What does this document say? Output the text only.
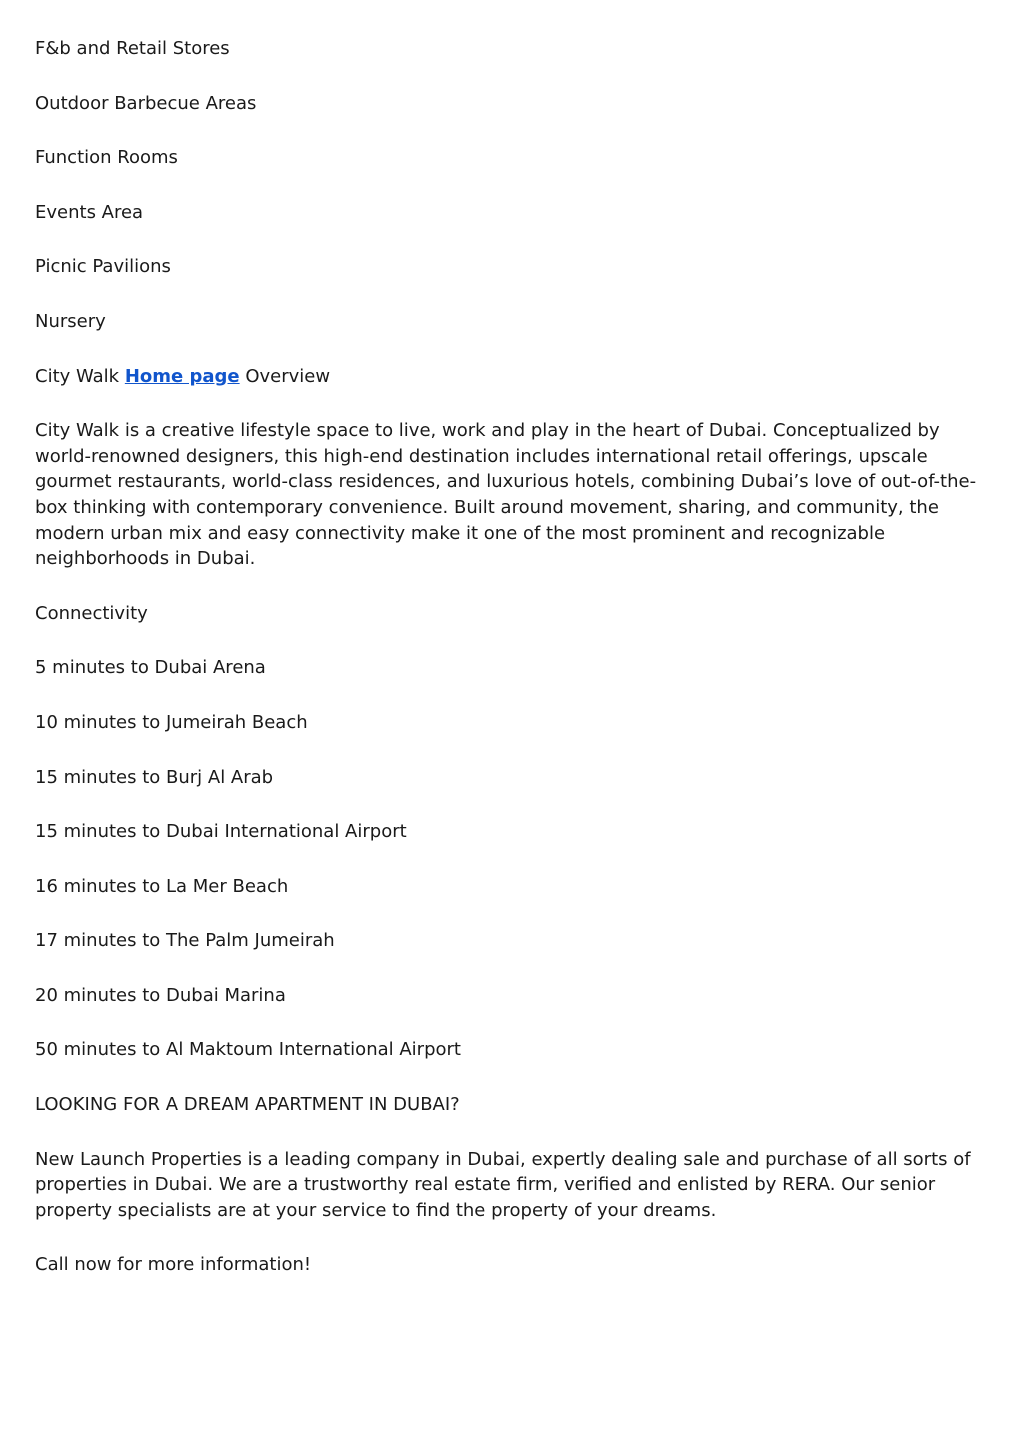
F&b and Retail Stores

Outdoor Barbecue Areas

Function Rooms

Events Area

Picnic Pavilions

Nursery

City Walk Home page Overview

City Walk is a creative lifestyle space to live, work and play in the heart of Dubai. Conceptualized by world-renowned designers, this high-end destination includes international retail offerings, upscale gourmet restaurants, world-class residences, and luxurious hotels, combining Dubai’s love of out-of-the-box thinking with contemporary convenience. Built around movement, sharing, and community, the modern urban mix and easy connectivity make it one of the most prominent and recognizable neighborhoods in Dubai.

Connectivity

5 minutes to Dubai Arena

10 minutes to Jumeirah Beach

15 minutes to Burj Al Arab

15 minutes to Dubai International Airport

16 minutes to La Mer Beach

17 minutes to The Palm Jumeirah

20 minutes to Dubai Marina

50 minutes to Al Maktoum International Airport

LOOKING FOR A DREAM APARTMENT IN DUBAI?

New Launch Properties is a leading company in Dubai, expertly dealing sale and purchase of all sorts of properties in Dubai. We are a trustworthy real estate firm, verified and enlisted by RERA. Our senior property specialists are at your service to find the property of your dreams.

Call now for more information!
